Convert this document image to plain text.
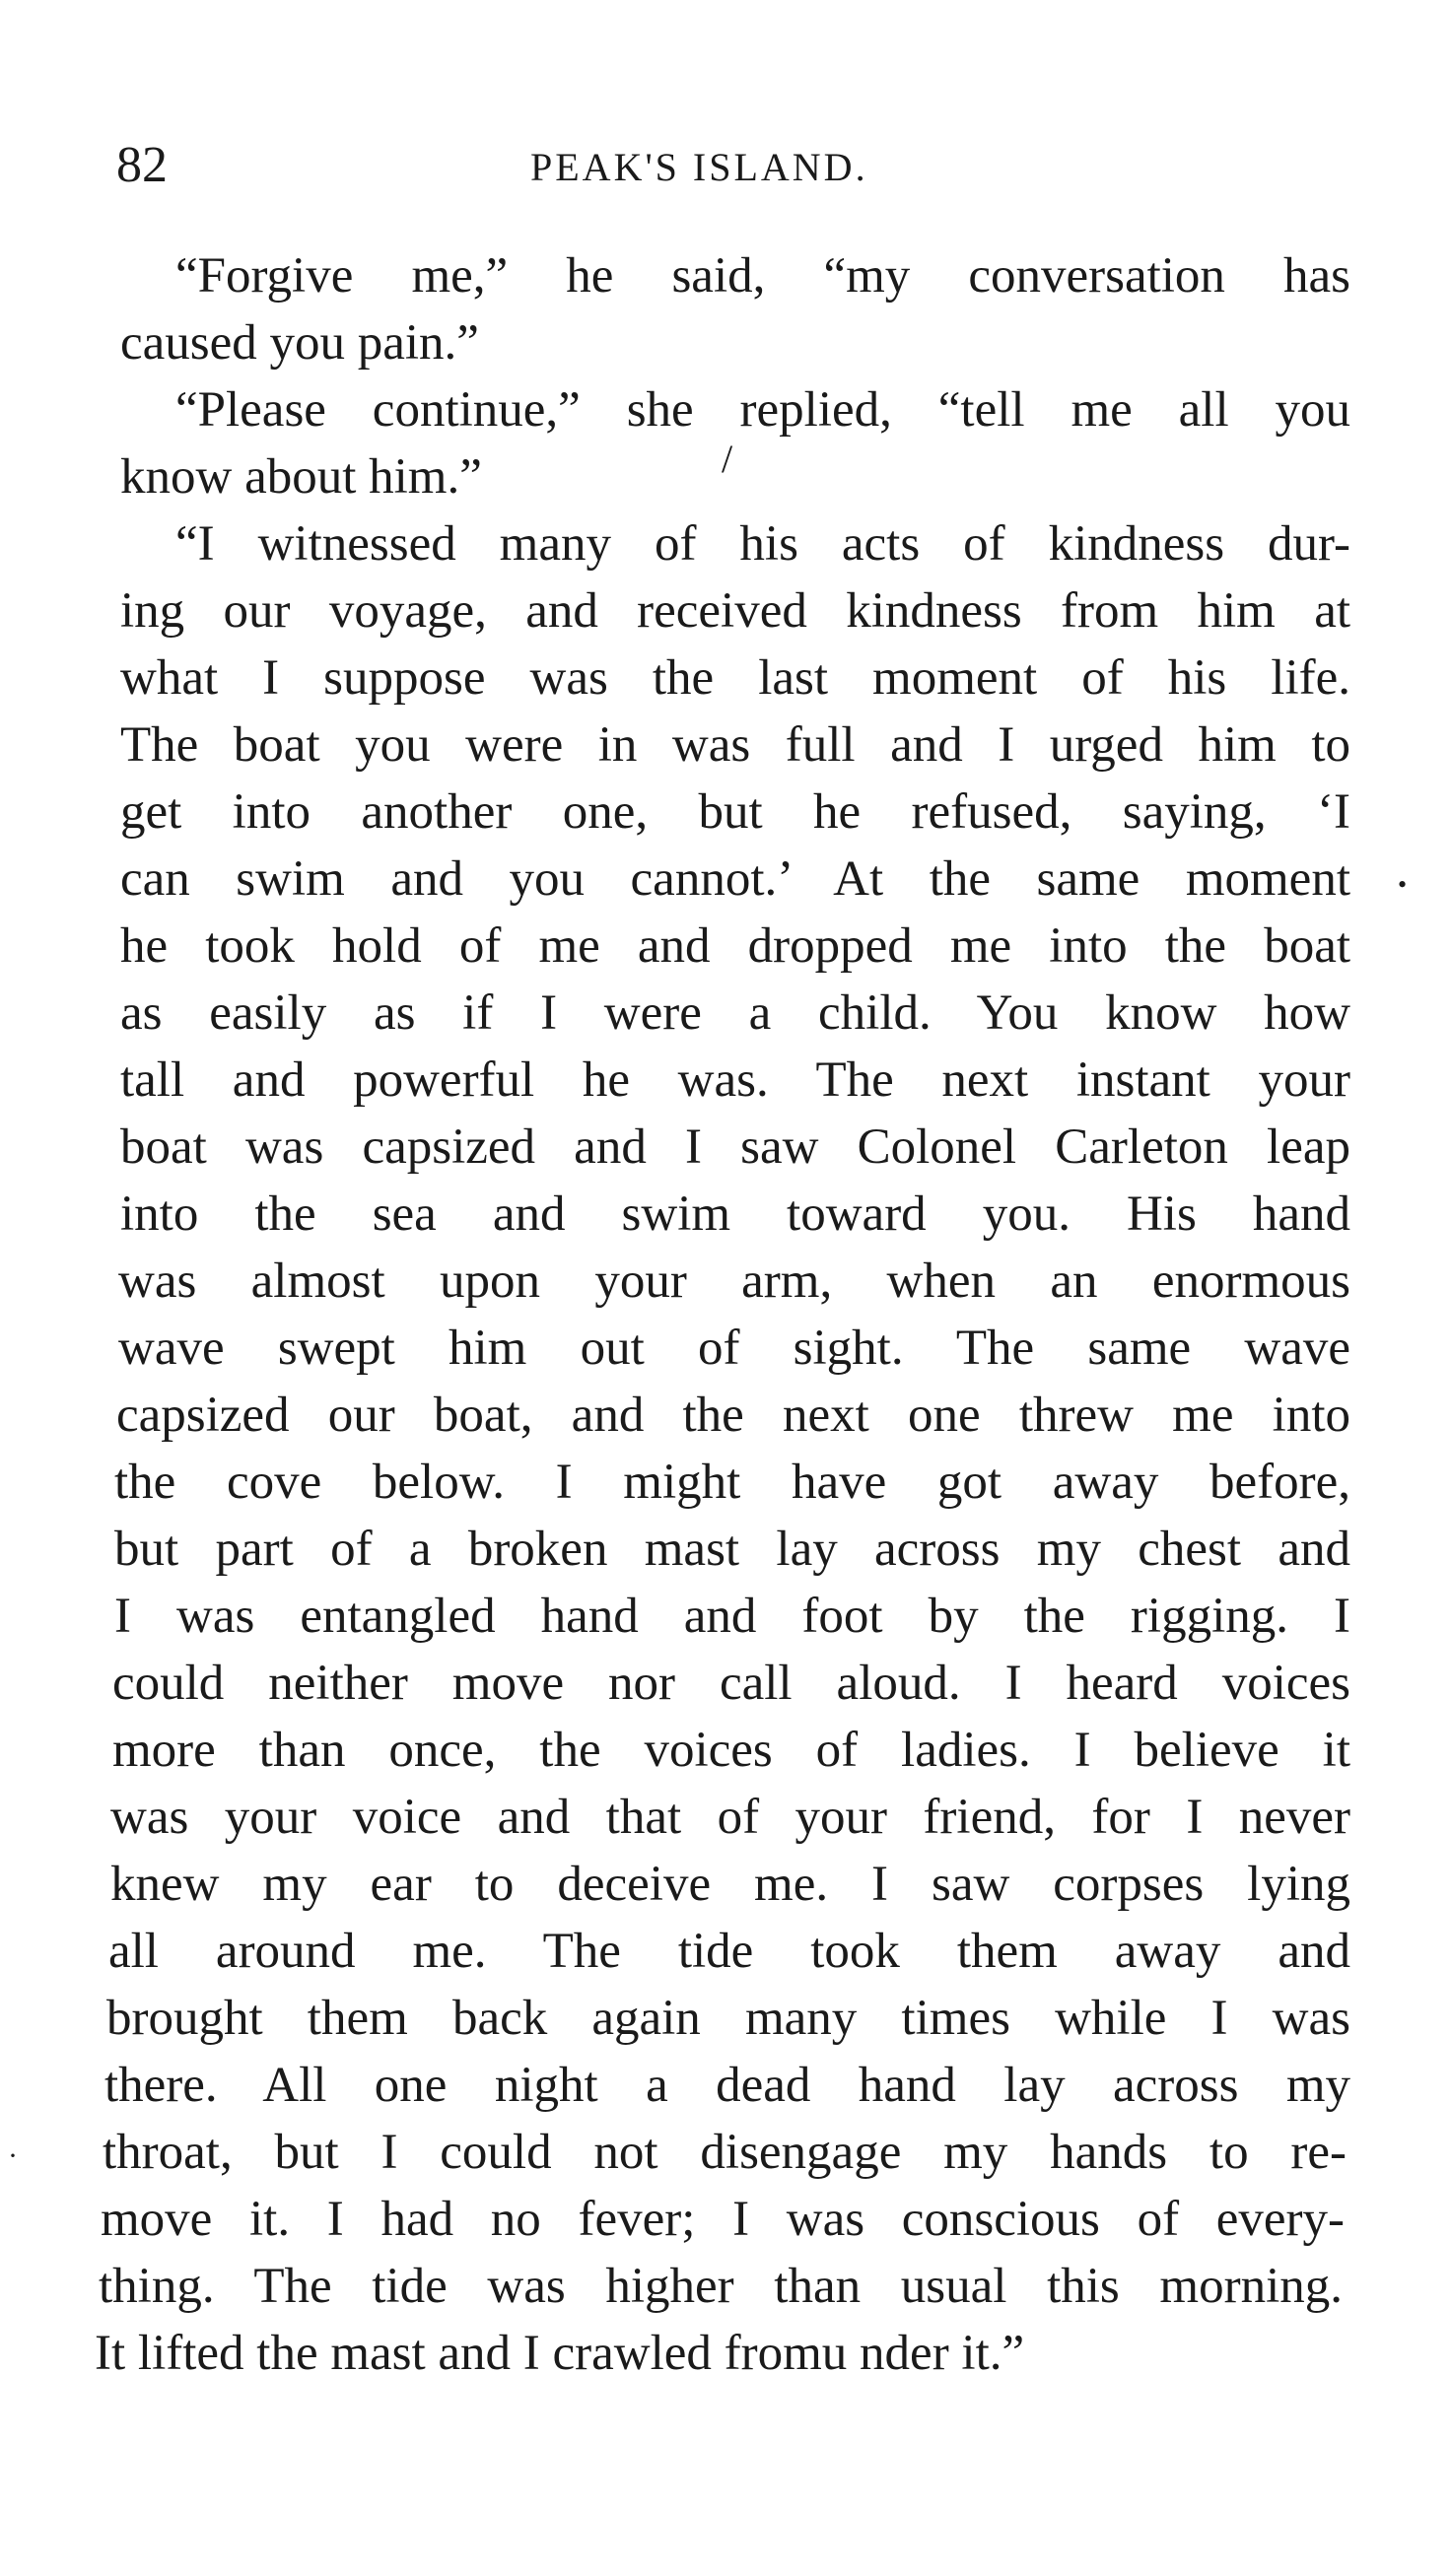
82	PEAK'S ISLAND.
“Forgive me,” he said, “my conversation has
caused you pain.”
“Please continue,” she replied, “tell me all you
know about him.”
“I witnessed many of his acts of kindness dur-
ing our voyage, and received kindness from him at
what I suppose was the last moment of his life.
The boat you were in was full and I urged him to
get into another one, but he refused, saying, ‘I
can swim and you cannot.’ At the same moment
he took hold of me and dropped me into the boat
as easily as if I were a child. You know how
tall and powerful he was. The next instant your
boat was capsized and I saw Colonel Carleton leap
into the sea and swim toward you. His hand
was almost upon your arm, when an enormous
wave swept him out of sight. The same wave
capsized our boat, and the next one threw me into
the cove below. I might have got away before,
but part of a broken mast lay across my chest and
I was entangled hand and foot by the rigging. I
could neither move nor call aloud. I heard voices
more than once, the voices of ladies. I believe it
was your voice and that of your friend, for I never
knew my ear to deceive me. I saw corpses lying
all around me. The tide took them away and
brought them back again many times while I was
there. All one night a dead hand lay across my
throat, but I could not disengage my hands to re-
move it. I had no fever; I was conscious of every-
thing. The tide was higher than usual this morning.
It lifted the mast and I crawled fromu nder it.”
/
•
·
